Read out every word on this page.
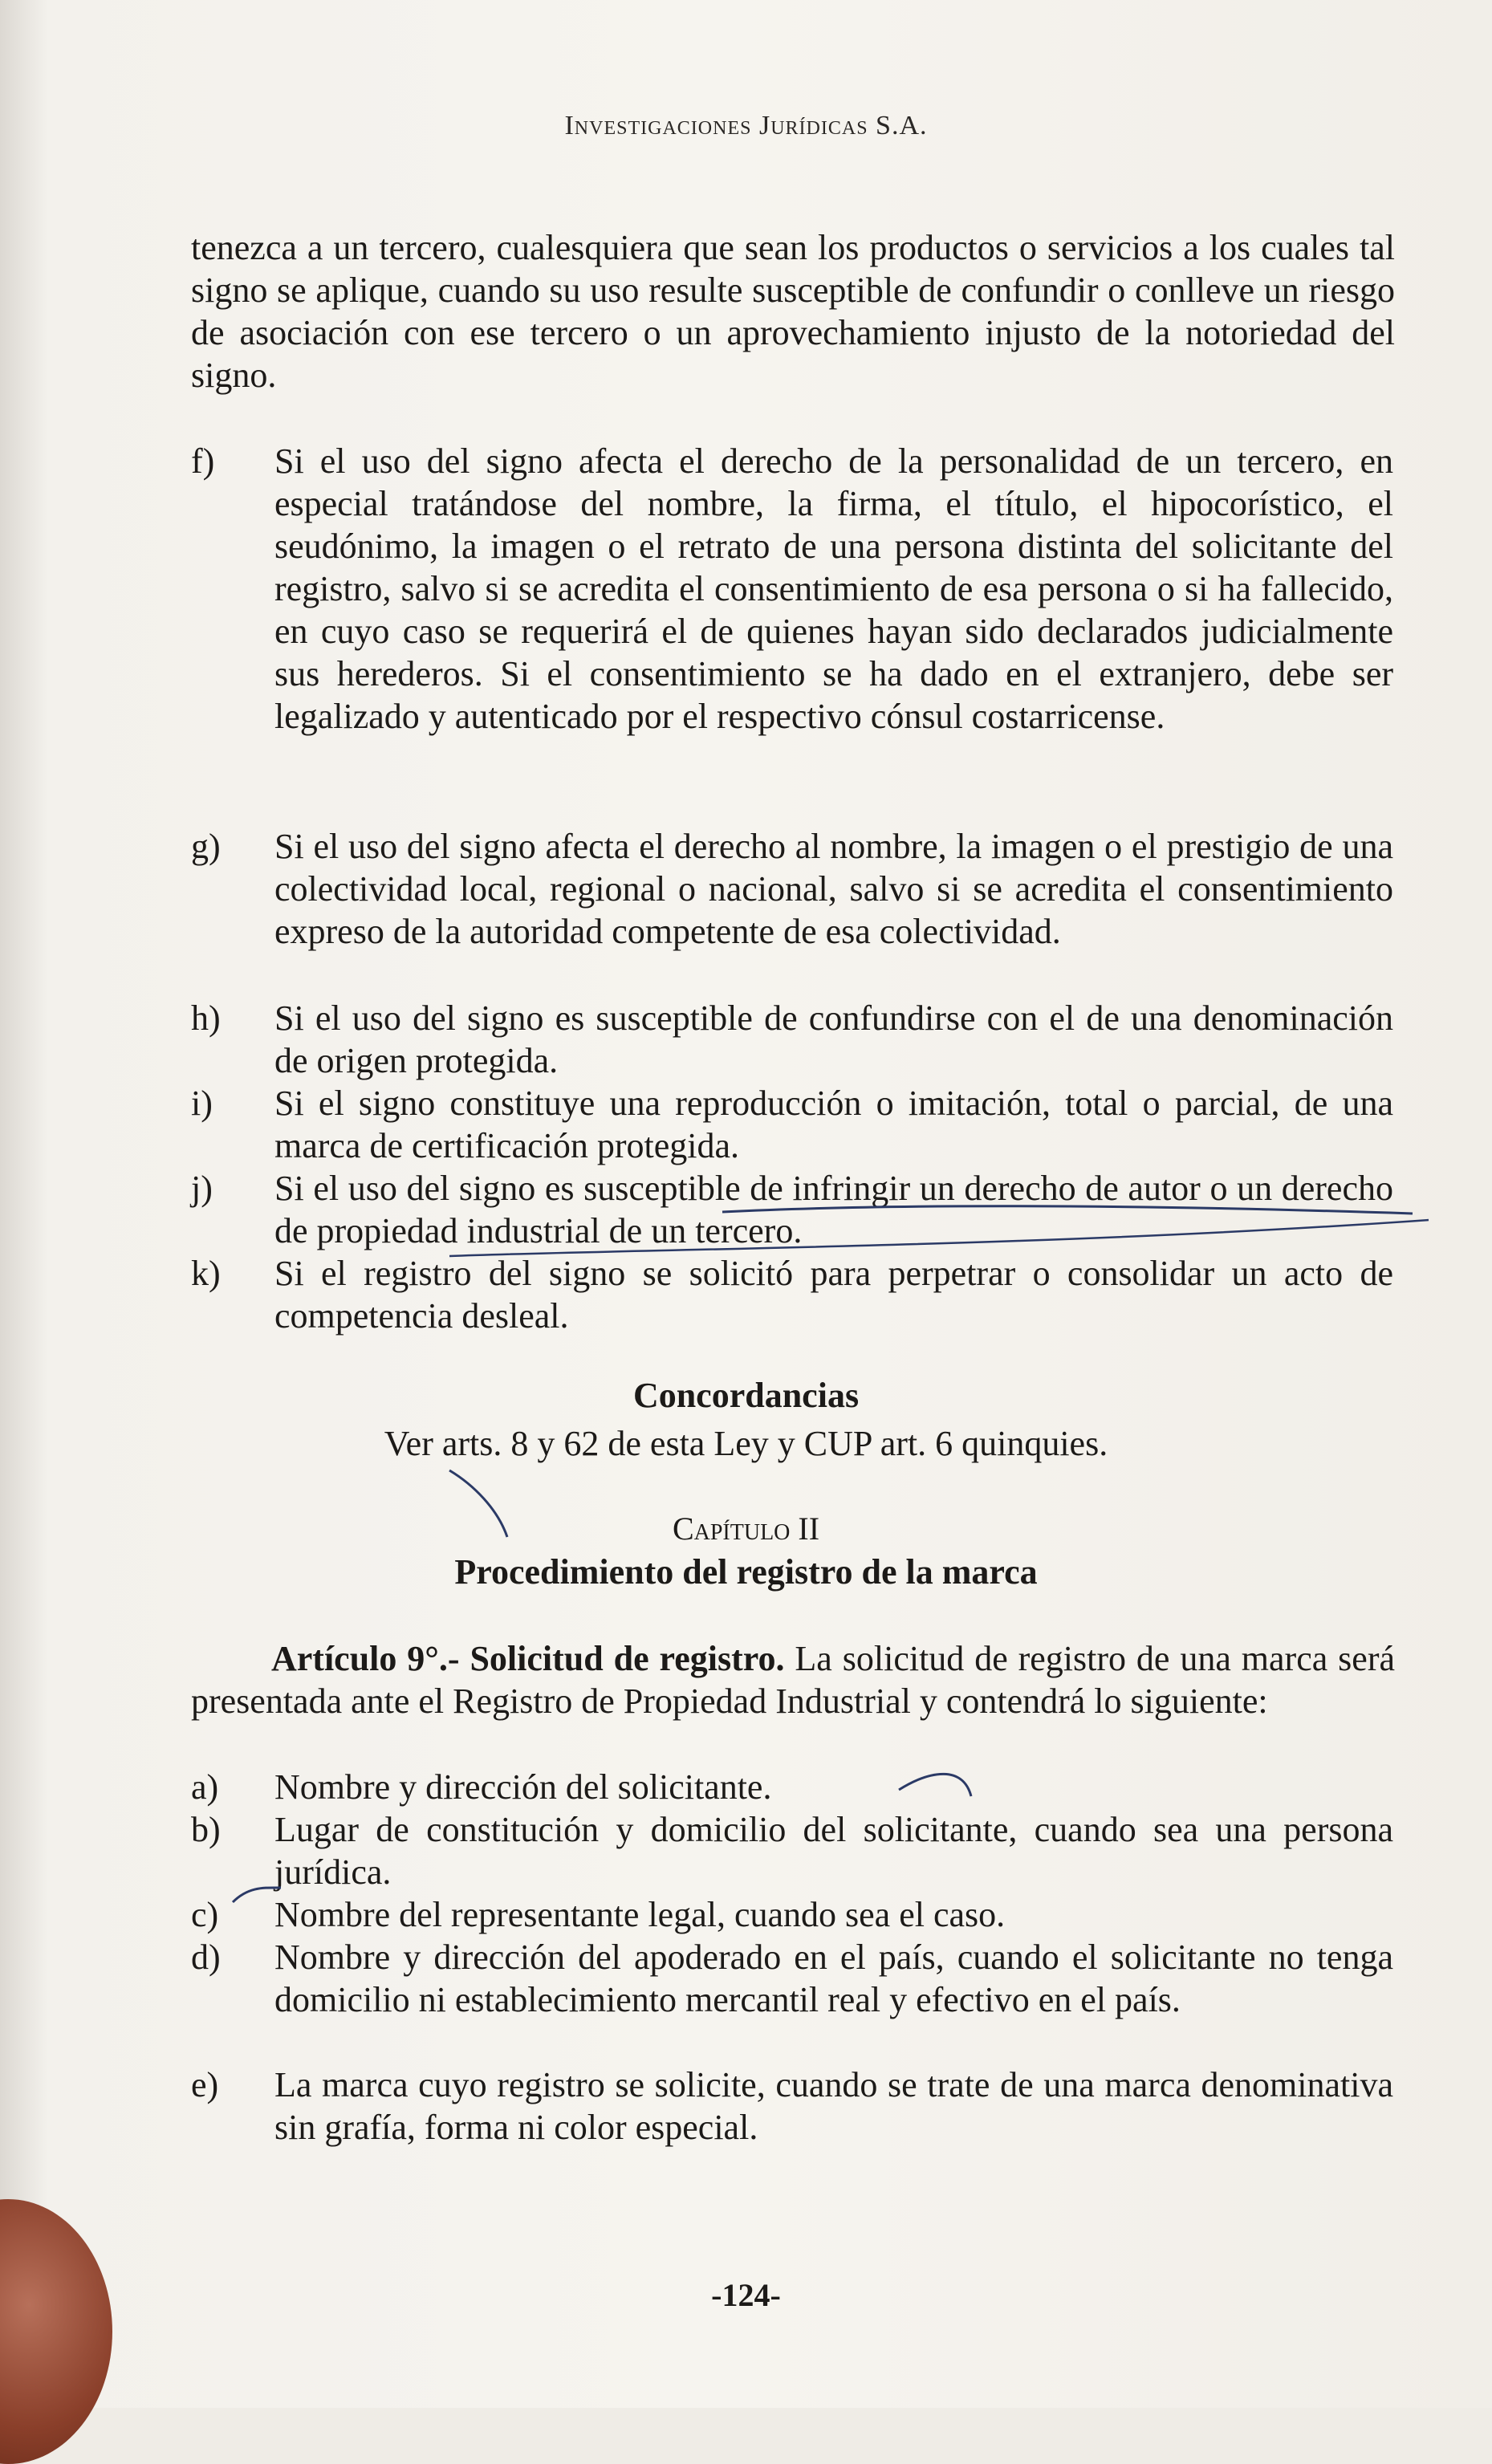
Investigaciones Jurídicas S.A.
tenezca a un tercero, cualesquiera que sean los productos o servicios a los cuales tal signo se aplique, cuando su uso resulte susceptible de confundir o conlleve un riesgo de asociación con ese tercero o un aprovechamiento injusto de la notoriedad del signo.
f)	Si el uso del signo afecta el derecho de la personalidad de un tercero, en especial tratándose del nombre, la firma, el título, el hipocorístico, el seudónimo, la imagen o el retrato de una persona distinta del solicitante del registro, salvo si se acredita el consentimiento de esa persona o si ha fallecido, en cuyo caso se requerirá el de quienes hayan sido declarados judicialmente sus herederos. Si el consentimiento se ha dado en el extranjero, debe ser legalizado y autenticado por el respectivo cónsul costarricense.
g)	Si el uso del signo afecta el derecho al nombre, la imagen o el prestigio de una colectividad local, regional o nacional, salvo si se acredita el consentimiento expreso de la autoridad competente de esa colectividad.
h)	Si el uso del signo es susceptible de confundirse con el de una denominación de origen protegida.
i)	Si el signo constituye una reproducción o imitación, total o parcial, de una marca de certificación protegida.
j)	Si el uso del signo es susceptible de infringir un derecho de autor o un derecho de propiedad industrial de un tercero.
k)	Si el registro del signo se solicitó para perpetrar o consolidar un acto de competencia desleal.
Concordancias
Ver arts. 8 y 62 de esta Ley y CUP art. 6 quinquies.
Capítulo II
Procedimiento del registro de la marca
Artículo 9°.- Solicitud de registro. La solicitud de registro de una marca será presentada ante el Registro de Propiedad Industrial y contendrá lo siguiente:
a)	Nombre y dirección del solicitante.
b)	Lugar de constitución y domicilio del solicitante, cuando sea una persona jurídica.
c)	Nombre del representante legal, cuando sea el caso.
d)	Nombre y dirección del apoderado en el país, cuando el solicitante no tenga domicilio ni establecimiento mercantil real y efectivo en el país.
e)	La marca cuyo registro se solicite, cuando se trate de una marca denominativa sin grafía, forma ni color especial.
-124-
